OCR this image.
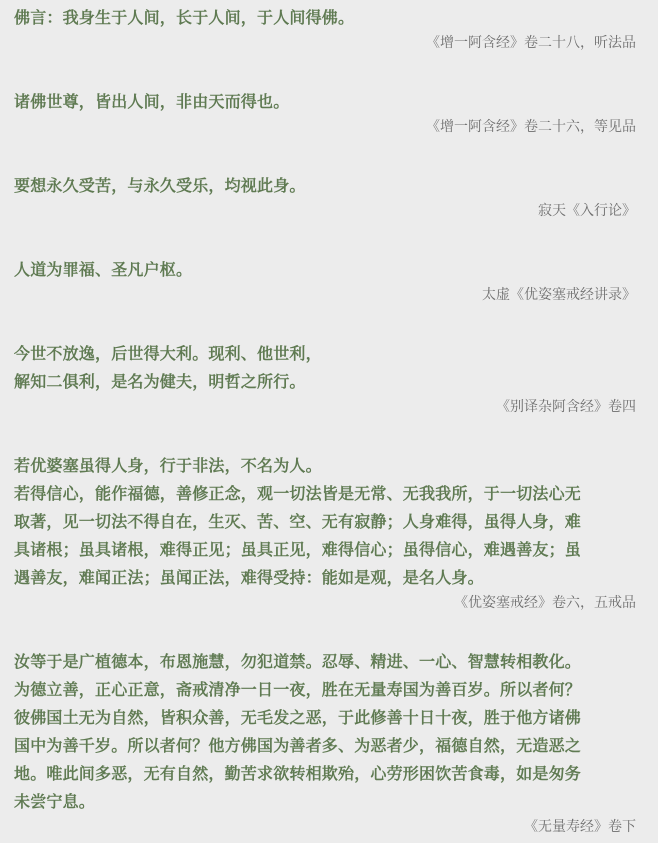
佛言：我身生于人间，长于人间，于人间得佛。

《增一阿含经》卷二十八，听法品

诸佛世尊，皆出人间，非由天而得也。

《增一阿含经》卷二十六，等见品

要想永久受苦，与永久受乐，均视此身。

寂天《入行论》

人道为罪福、圣凡户枢。

太虚《优姿塞戒经讲录》

今世不放逸，后世得大利。现利、他世利，

解知二俱利，是名为健夫，明哲之所行。

《别译杂阿含经》卷四

若优婆塞虽得人身，行于非法，不名为人。

若得信心，能作福德，善修正念，观一切法皆是无常、无我我所，于一切法心无

取著，见一切法不得自在，生灭、苦、空、无有寂静；人身难得，虽得人身，难

具诸根；虽具诸根，难得正见；虽具正见，难得信心；虽得信心，难遇善友；虽

遇善友，难闻正法；虽闻正法，难得受持：能如是观，是名人身。

《优姿塞戒经》卷六，五戒品

汝等于是广植德本，布恩施慧，勿犯道禁。忍辱、精进、一心、智慧转相教化。

为德立善，正心正意，斋戒清净一日一夜，胜在无量寿国为善百岁。所以者何？

彼佛国土无为自然，皆积众善，无毛发之恶，于此修善十日十夜，胜于他方诸佛

国中为善千岁。所以者何？他方佛国为善者多、为恶者少，福德自然，无造恶之

地。唯此间多恶，无有自然，勤苦求欲转相欺殆，心劳形困饮苦食毒，如是匆务

未尝宁息。

《无量寿经》卷下
